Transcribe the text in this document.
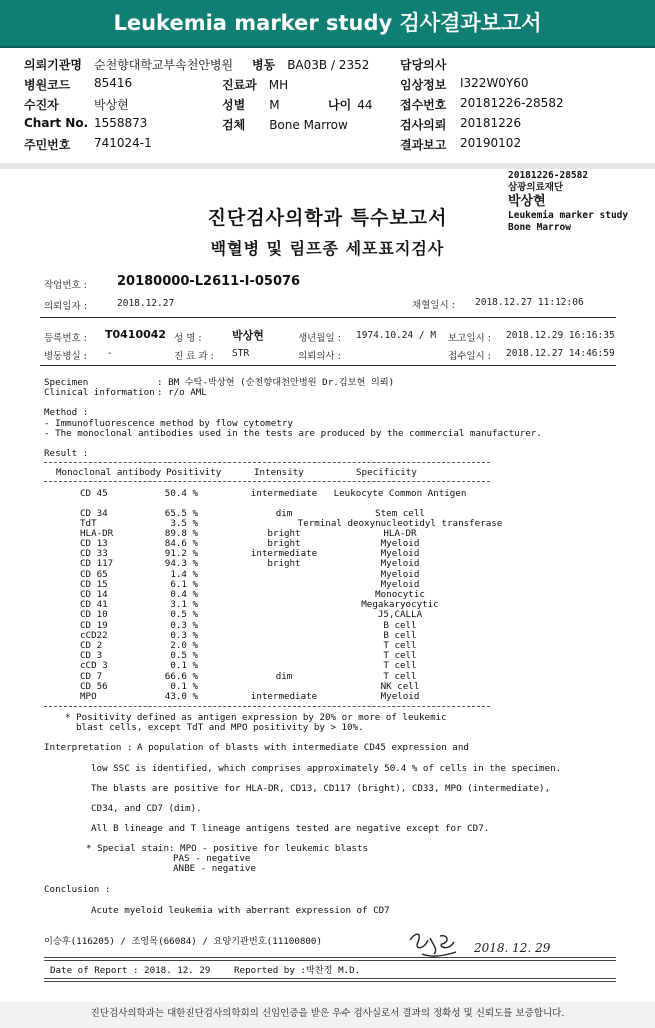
Leukemia marker study 검사결과보고서
의뢰기관명 순천향대학교부속천안병원
병원코드 85416
수진자	박상현
Chart No. 1558873
주민번호 741024-1
병동 BA03B / 2352
진료과 MH
성별 M	나이 44
검체 Bone Marrow
담당의사
임상정보 I322W0Y60
접수번호 20181226-28582
검사의뢰 20181226
결과보고 20190102
20181226-28582
삼광의료재단
박상현
Leukemia marker study
Bone Marrow
진단검사의학과 특수보고서
백혈병 및 림프종 세포표지검사
작업번호 : 20180000-L2611-I-05076
의뢰일자 :	2018.12.27	채혈일시 : 2018.12.27 11:12:06
등록번호 : T0410042 성 명 :	박상현	생년월일 : 1974.10.24 / M 보고일시 : 2018.12.29 16:16:35
병동병실 : -	진 료 과 : STR	의뢰의사 :	접수일시 : 2018.12.27 14:46:59
Specimen	: BM 수탁-박상현 (순천향대천안병원 Dr.김보현 의뢰)
Clinical information : r/o AML
Method :
- Immunofluorescence method by flow cytometry
- The monoclonal antibodies used in the tests are produced by the commercial manufacturer.
Result :
Monoclonal antibody Positivity	Intensity	Specificity
CD 45	50.4 %	intermediate	Leukocyte Common Antigen
CD 34	65.5 %	dim	Stem cell
TdT	3.5 %	Terminal deoxynucleotidyl transferase
HLA-DR	89.8 %	bright	HLA-DR
CD 13	84.6 %	bright	Myeloid
CD 33	91.2 %	intermediate	Myeloid
CD 117	94.3 %	bright	Myeloid
CD 65	1.4 %	Myeloid
CD 15	6.1 %	Myeloid
CD 14	0.4 %	Monocytic
CD 41	3.1 %	Megakaryocytic
CD 10	0.5 %	J5,CALLA
CD 19	0.3 %	B cell
cCD22	0.3 %	B cell
CD 2	2.0 %	T cell
CD 3	0.5 %	T cell
cCD 3	0.1 %	T cell
CD 7	66.6 %	dim	T cell
CD 56	0.1 %	NK cell
MPO	43.0 %	intermediate	Myeloid
* Positivity defined as antigen expression by 20% or more of leukemic
blast cells, except TdT and MPO positivity by > 10%.
Interpretation : A population of blasts with intermediate CD45 expression and
low SSC is identified, which comprises approximately 50.4 % of cells in the specimen.
The blasts are positive for HLA-DR, CD13, CD117 (bright), CD33, MPO (intermediate),
CD34, and CD7 (dim).
All B lineage and T lineage antigens tested are negative except for CD7.
* Special stain: MPO - positive for leukemic blasts
PAS - negative
ANBE - negative
Conclusion :
Acute myeloid leukemia with aberrant expression of CD7
이승후(116205) / 조영목(66084) / 요양기관번호(11100800)	2018. 12. 29
Date of Report : 2018. 12. 29	Reported by :박찬정 M.D.
진단검사의학과는 대한진단검사의학회의 신임인증을 받은 우수 검사실로서 결과의 정확성 및 신뢰도를 보증합니다.
